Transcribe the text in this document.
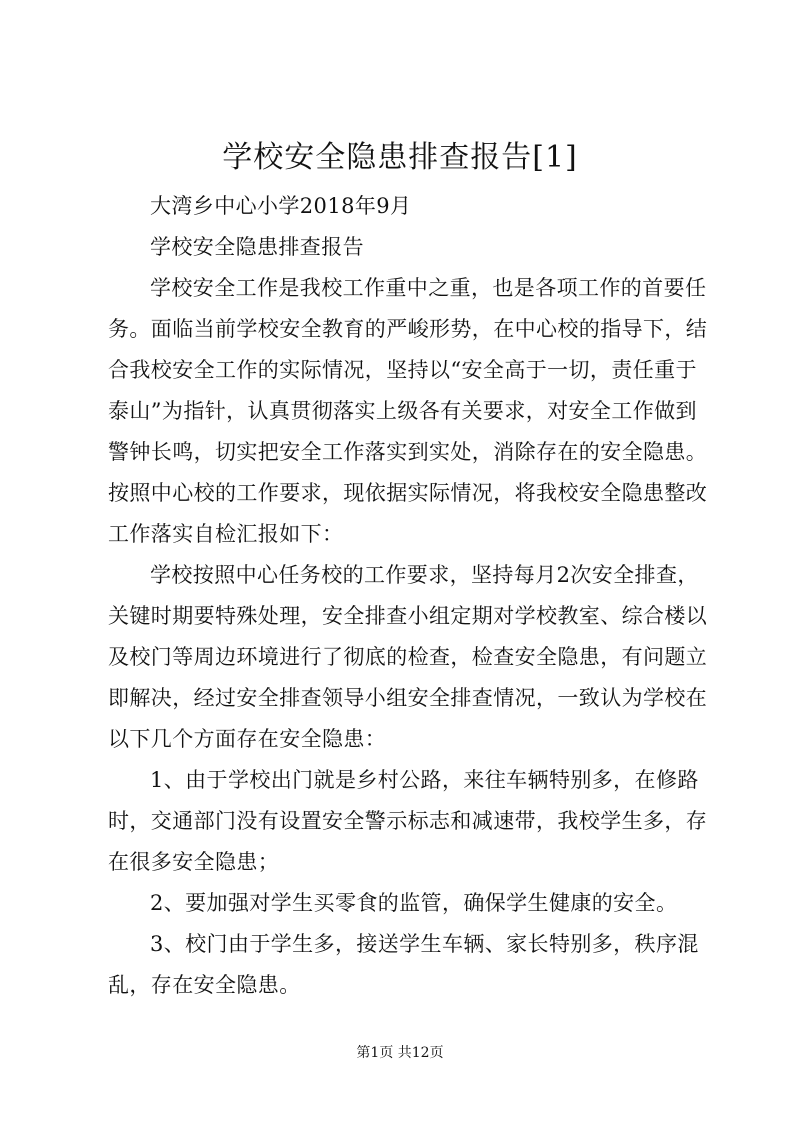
学校安全隐患排查报告[1]
大湾乡中心小学2018年9月
学校安全隐患排查报告
学校安全工作是我校工作重中之重，也是各项工作的首要任
务。面临当前学校安全教育的严峻形势，在中心校的指导下，结
合我校安全工作的实际情况，坚持以“安全高于一切，责任重于
泰山”为指针，认真贯彻落实上级各有关要求，对安全工作做到
警钟长鸣，切实把安全工作落实到实处，消除存在的安全隐患。
按照中心校的工作要求，现依据实际情况，将我校安全隐患整改
工作落实自检汇报如下：
学校按照中心任务校的工作要求，坚持每月2次安全排查，
关键时期要特殊处理，安全排查小组定期对学校教室、综合楼以
及校门等周边环境进行了彻底的检查，检查安全隐患，有问题立
即解决，经过安全排查领导小组安全排查情况，一致认为学校在
以下几个方面存在安全隐患：
1、由于学校出门就是乡村公路，来往车辆特别多，在修路
时，交通部门没有设置安全警示标志和减速带，我校学生多，存
在很多安全隐患；
2、要加强对学生买零食的监管，确保学生健康的安全。
3、校门由于学生多，接送学生车辆、家长特别多，秩序混
乱，存在安全隐患。
第1页 共12页
